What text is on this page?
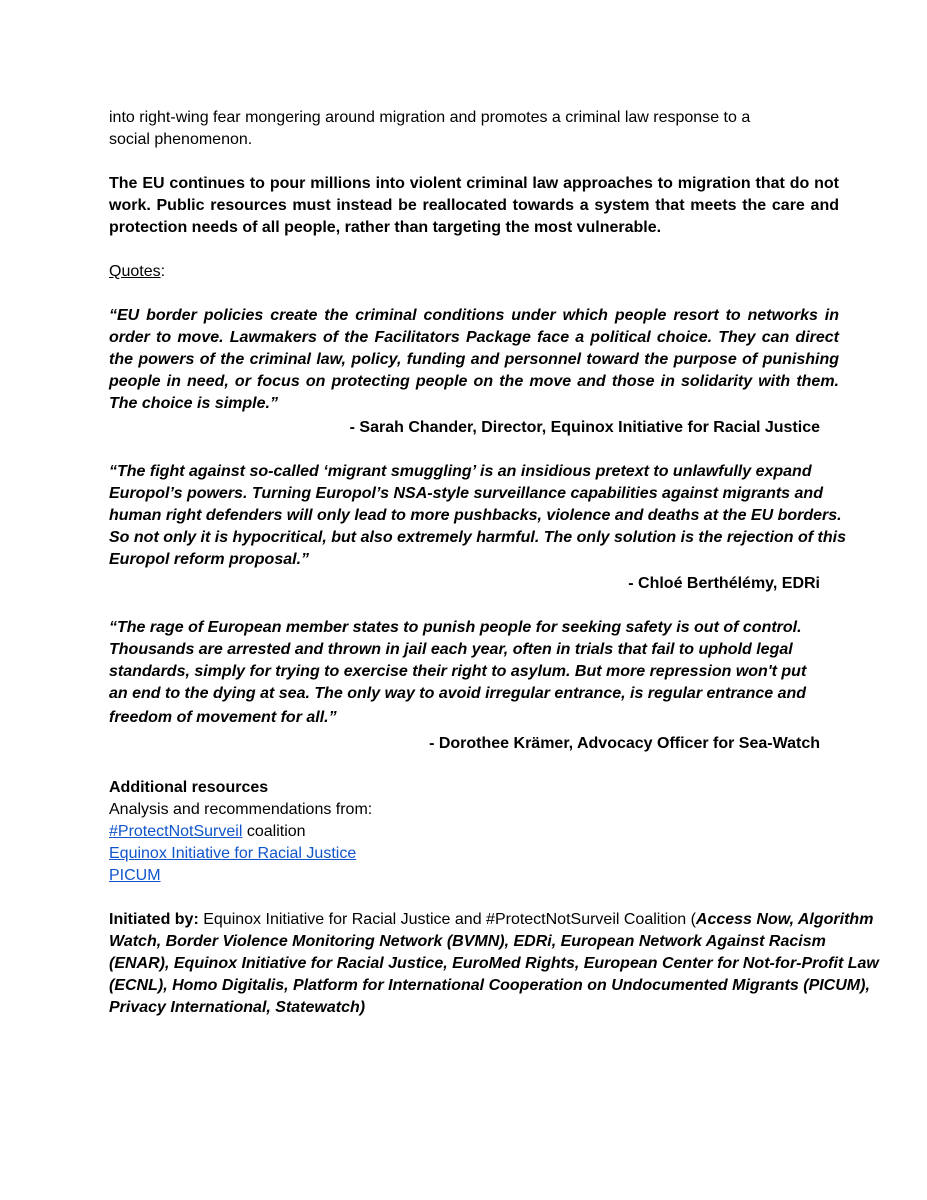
into right-wing fear mongering around migration and promotes a criminal law response to a
social phenomenon.

The EU continues to pour millions into violent criminal law approaches to migration that do not work. Public resources must instead be reallocated towards a system that meets the care and protection needs of all people, rather than targeting the most vulnerable.

Quotes:

“EU border policies create the criminal conditions under which people resort to networks in order to move. Lawmakers of the Facilitators Package face a political choice. They can direct the powers of the criminal law, policy, funding and personnel toward the purpose of punishing people in need, or focus on protecting people on the move and those in solidarity with them. The choice is simple.”

- Sarah Chander, Director, Equinox Initiative for Racial Justice

“The fight against so-called ‘migrant smuggling’ is an insidious pretext to unlawfully expand
Europol’s powers. Turning Europol’s NSA-style surveillance capabilities against migrants and
human right defenders will only lead to more pushbacks, violence and deaths at the EU borders.
So not only it is hypocritical, but also extremely harmful. The only solution is the rejection of this
Europol reform proposal.”

- Chloé Berthélémy, EDRi

“The rage of European member states to punish people for seeking safety is out of control.
Thousands are arrested and thrown in jail each year, often in trials that fail to uphold legal
standards, simply for trying to exercise their right to asylum. But more repression won't put
an end to the dying at sea. The only way to avoid irregular entrance, is regular entrance and
freedom of movement for all.”

- Dorothee Krämer, Advocacy Officer for Sea-Watch

Additional resources

Analysis and recommendations from:

#ProtectNotSurveil coalition

Equinox Initiative for Racial Justice

PICUM

Initiated by: Equinox Initiative for Racial Justice and #ProtectNotSurveil Coalition (Access Now, Algorithm Watch, Border Violence Monitoring Network (BVMN), EDRi, European Network Against Racism (ENAR), Equinox Initiative for Racial Justice, EuroMed Rights, European Center for Not-for-Profit Law (ECNL), Homo Digitalis, Platform for International Cooperation on Undocumented Migrants (PICUM), Privacy International, Statewatch)
